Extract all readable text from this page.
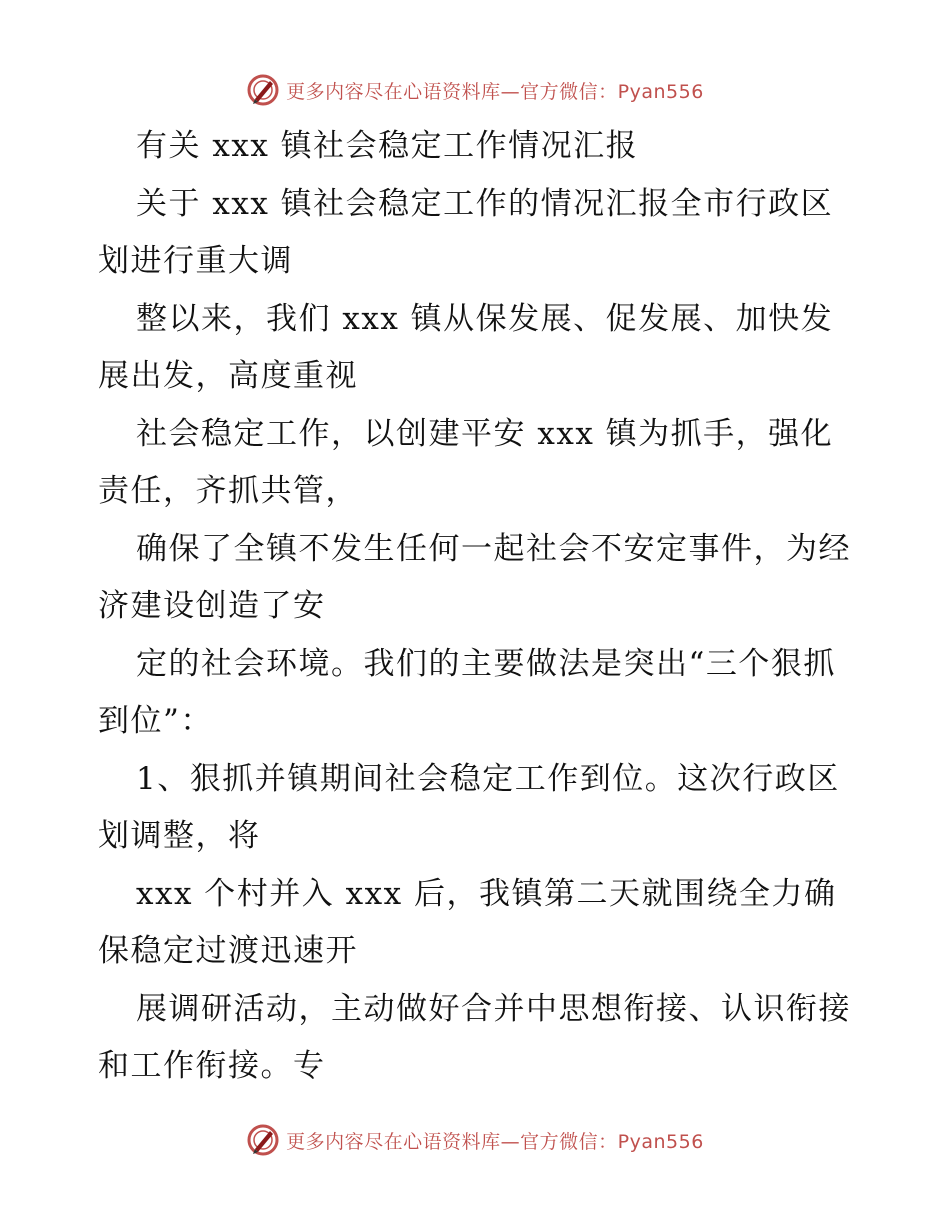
更多内容尽在心语资料库—官方微信：Pyan556

有关 xxx 镇社会稳定工作情况汇报

关于 xxx 镇社会稳定工作的情况汇报全市行政区划进行重大调

整以来，我们 xxx 镇从保发展、促发展、加快发展出发，高度重视

社会稳定工作，以创建平安 xxx 镇为抓手，强化责任，齐抓共管，

确保了全镇不发生任何一起社会不安定事件，为经济建设创造了安

定的社会环境。我们的主要做法是突出“三个狠抓到位”：

1、狠抓并镇期间社会稳定工作到位。这次行政区划调整，将

xxx 个村并入 xxx 后，我镇第二天就围绕全力确保稳定过渡迅速开

展调研活动，主动做好合并中思想衔接、认识衔接和工作衔接。专

更多内容尽在心语资料库—官方微信：Pyan556
